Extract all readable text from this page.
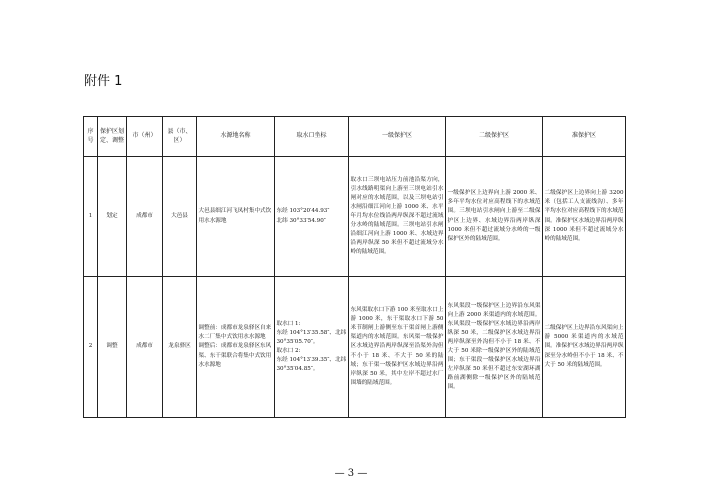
附件 1
序号	保护区划定、调整	市（州）	县（市、区）	水源地名称	取水口坐标	一级保护区	二级保护区	准保护区
1	划定	成都市	大邑县	大邑县细江河飞凤村集中式饮用水水源地	东经 103°20′44.93″
北纬 30°33′54.90″	取水口三坝电站压力前池沿渠方向，引水线路明渠向上游至三坝电站引水闸对应的水域范围，以及三坝电站引水闸沿细江河向上游 1000 米、水平年月均水位线沿两岸纵深不超过流域分水岭的陆域范围。三坝电站引水闸沿细江河向上游 1000 米、水域边界沿两岸纵深 50 米但不超过流域分水岭的陆域范围。	一级保护区上边界向上游 2000 米、多年平均水位对应高程线下的水域范围。三坝电站引水闸向上游至二级保护区上边界、水域边界沿两岸纵深 1000 米但不超过流域分水岭的一级保护区外的陆域范围。	二级保护区上边界向上游 3200 米（包括工人支流线沟）、多年平均水位对应高程线下的水域范围。准保护区水域边界沿两岸纵深 1000 米但不超过流域分水岭的陆域范围。
2	调整	成都市	龙泉驿区	调整前：成都市龙泉驿区自来水二厂集中式饮用水水源地
调整后：成都市龙泉驿区东风渠、东干渠联合将集中式饮用水水源地	取水口 1:
东经 104°13′35.58″、北纬 30°35′05.70″。
取水口 2:
东经 104°13′39.35″、北纬 30°35′04.85″。	东风渠取水口下游 100 米至取水口上游 1000 米，东干渠取水口下游 50 米节制闸上游侧至东干渠首闸上游侧渠道内的水域范围。东风渠一级保护区水域边界沿两岸纵深至沿渠外沟但不小于 18 米、不大于 50 米的陆域；东干渠一级保护区水域边界沿两岸纵深 50 米，其中左岸不超过水厂围墙的陆域范围。	东风渠段一级保护区上边界沿东风渠向上游 2000 米渠道内的水域范围。东风渠段一级保护区水域边界沿两岸纵深 50 米，二级保护区水域边界沿两岸纵深至外沟但不小于 18 米、不大于 50 米除一级保护区外的陆域范围；东干渠段一级保护区水域边界沿左岸纵深 50 米但不超过东安湖环湖路前湖侧除一级保护区外的陆域范围。	二级保护区上边界沿东风渠向上游 5000 米渠道内的水域范围。准保护区水域边界沿两岸纵深至分水岭但不小于 18 米、不大于 50 米的陆域范围。
— 3 —
